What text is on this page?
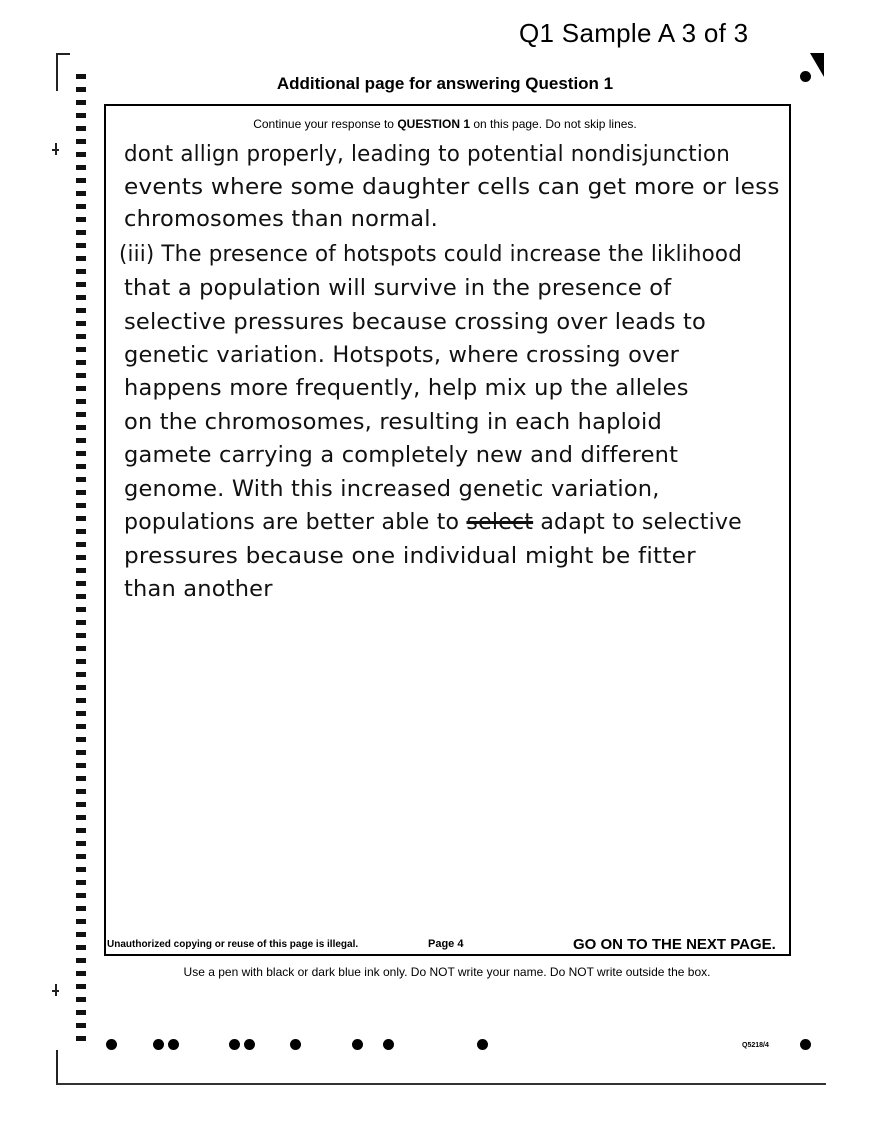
Q1 Sample A 3 of 3
Additional page for answering Question 1
Continue your response to QUESTION 1 on this page. Do not skip lines.
dont allign properly, leading to potential nondisjunction
events where some daughter cells can get more or less
chromosomes than normal.
(iii) The presence of hotspots could increase the liklihood
that a population will survive in the presence of
selective pressures because crossing over leads to
genetic variation. Hotspots, where crossing over
happens more frequently, help mix up the alleles
on the chromosomes, resulting in each haploid
gamete carrying a completely new and different
genome. With this increased genetic variation,
populations are better able to select adapt to selective
pressures because one individual might be fitter
than another
Unauthorized copying or reuse of this page is illegal.	Page 4	GO ON TO THE NEXT PAGE.
Use a pen with black or dark blue ink only. Do NOT write your name. Do NOT write outside the box.
Q5218/4
